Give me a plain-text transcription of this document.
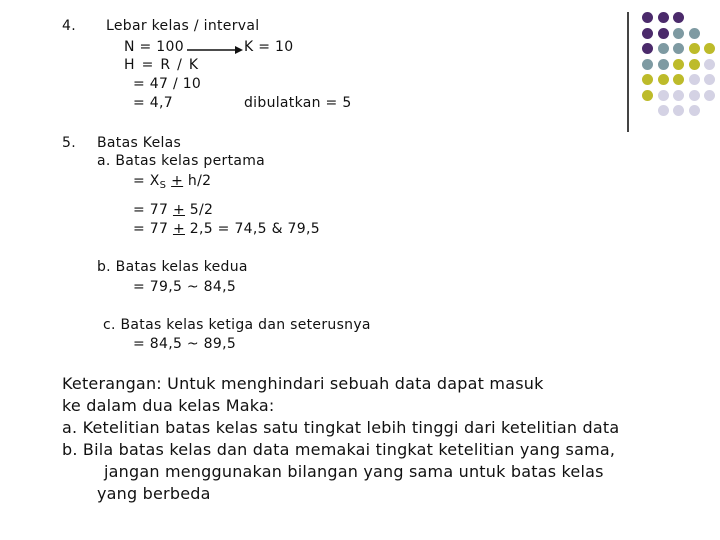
4. Lebar kelas / interval
N = 100	K = 10
H = R / K
= 47 / 10
= 4,7	dibulatkan = 5
5. Batas Kelas
a. Batas kelas pertama
= $X_S + h/2$
= 77 + 5/2
= 77 + 2,5 = 74,5 & 79,5
b. Batas kelas kedua
= 79,5 ~ 84,5
c. Batas kelas ketiga dan seterusnya
= 84,5 ~ 89,5
Keterangan: Untuk menghindari sebuah data dapat masuk
ke dalam dua kelas Maka:
a. Ketelitian batas kelas satu tingkat lebih tinggi dari ketelitian data
b. Bila batas kelas dan data memakai tingkat ketelitian yang sama,
jangan menggunakan bilangan yang sama untuk batas kelas
yang berbeda
